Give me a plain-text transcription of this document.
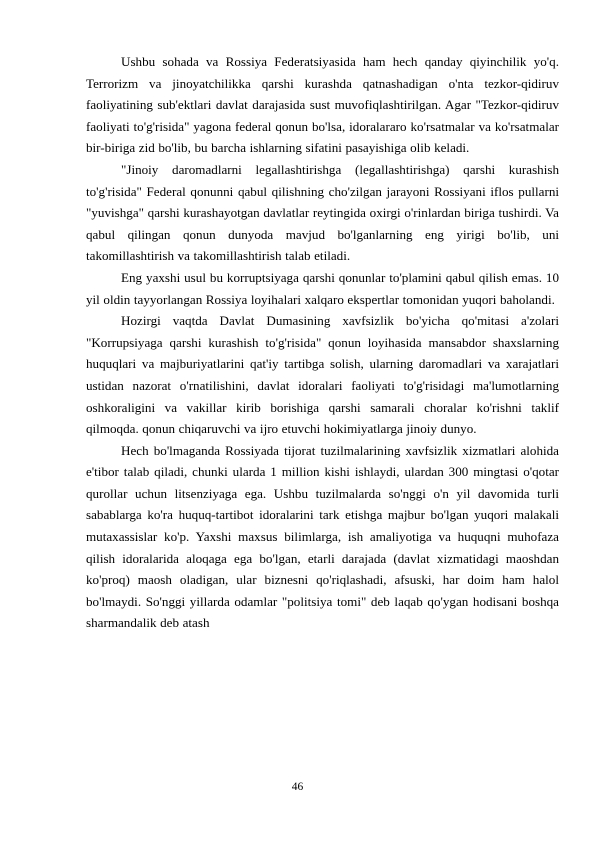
Ushbu sohada va Rossiya Federatsiyasida ham hech qanday qiyinchilik yo'q. Terrorizm va jinoyatchilikka qarshi kurashda qatnashadigan o'nta tezkor-qidiruv faoliyatining sub'ektlari davlat darajasida sust muvofiqlashtirilgan. Agar "Tezkor-qidiruv faoliyati to'g'risida" yagona federal qonun bo'lsa, idoralararo ko'rsatmalar va ko'rsatmalar bir-biriga zid bo'lib, bu barcha ishlarning sifatini pasayishiga olib keladi.

"Jinoiy daromadlarni legallashtirishga (legallashtirishga) qarshi kurashish to'g'risida" Federal qonunni qabul qilishning cho'zilgan jarayoni Rossiyani iflos pullarni "yuvishga" qarshi kurashayotgan davlatlar reytingida oxirgi o'rinlardan biriga tushirdi. Va qabul qilingan qonun dunyoda mavjud bo'lganlarning eng yirigi bo'lib, uni takomillashtirish va takomillashtirish talab etiladi.

Eng yaxshi usul bu korruptsiyaga qarshi qonunlar to'plamini qabul qilish emas. 10 yil oldin tayyorlangan Rossiya loyihalari xalqaro ekspertlar tomonidan yuqori baholandi.

Hozirgi vaqtda Davlat Dumasining xavfsizlik bo'yicha qo'mitasi a'zolari "Korrupsiyaga qarshi kurashish to'g'risida" qonun loyihasida mansabdor shaxslarning huquqlari va majburiyatlarini qat'iy tartibga solish, ularning daromadlari va xarajatlari ustidan nazorat o'rnatilishini, davlat idoralari faoliyati to'g'risidagi ma'lumotlarning oshkoraligini va vakillar kirib borishiga qarshi samarali choralar ko'rishni taklif qilmoqda. qonun chiqaruvchi va ijro etuvchi hokimiyatlarga jinoiy dunyo.

Hech bo'lmaganda Rossiyada tijorat tuzilmalarining xavfsizlik xizmatlari alohida e'tibor talab qiladi, chunki ularda 1 million kishi ishlaydi, ulardan 300 mingtasi o'qotar qurollar uchun litsenziyaga ega. Ushbu tuzilmalarda so'nggi o'n yil davomida turli sabablarga ko'ra huquq-tartibot idoralarini tark etishga majbur bo'lgan yuqori malakali mutaxassislar ko'p. Yaxshi maxsus bilimlarga, ish amaliyotiga va huquqni muhofaza qilish idoralarida aloqaga ega bo'lgan, etarli darajada (davlat xizmatidagi maoshdan ko'proq) maosh oladigan, ular biznesni qo'riqlashadi, afsuski, har doim ham halol bo'lmaydi. So'nggi yillarda odamlar "politsiya tomi" deb laqab qo'ygan hodisani boshqa sharmandalik deb atash

46
